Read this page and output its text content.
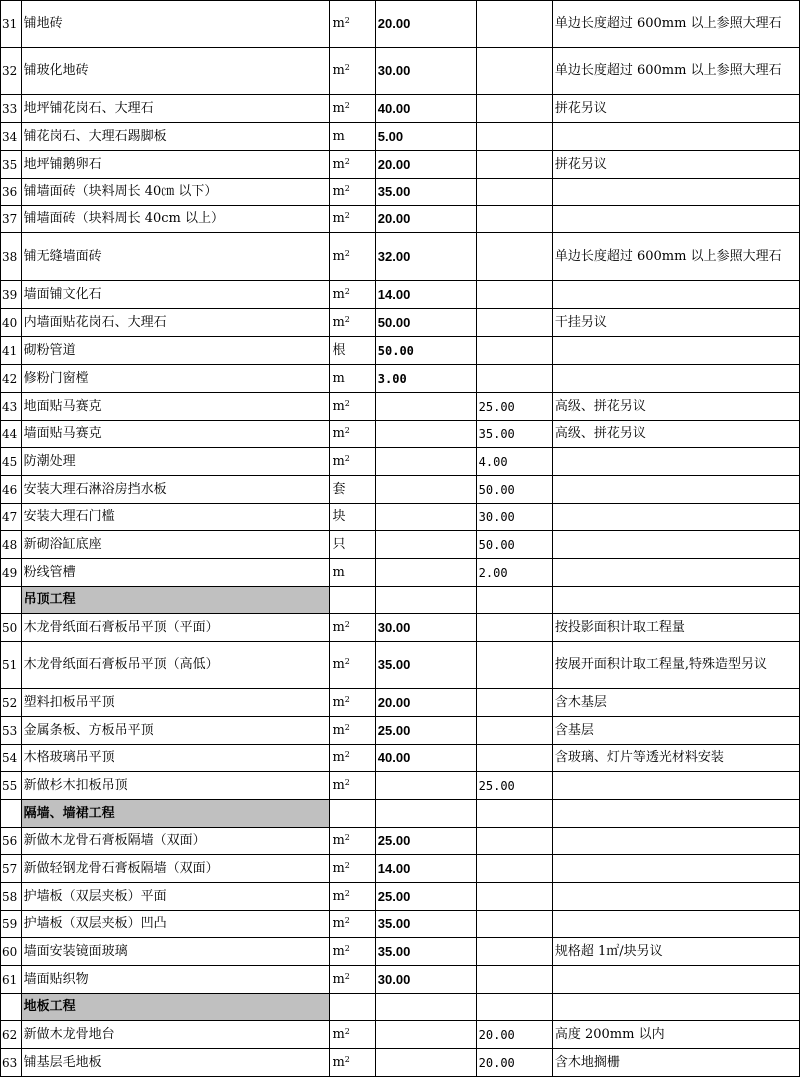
31	铺地砖	$m^2$	20.00		单边长度超过 600mm 以上参照大理石
32	铺玻化地砖	$m^2$	30.00		单边长度超过 600mm 以上参照大理石
33	地坪铺花岗石、大理石	$m^2$	40.00		拼花另议
34	铺花岗石、大理石踢脚板	m	5.00		
35	地坪铺鹅卵石	$m^2$	20.00		拼花另议
36	铺墙面砖（块料周长 40㎝ 以下）	$m^2$	35.00		
37	铺墙面砖（块料周长 40cm 以上）	$m^2$	20.00		
38	铺无缝墙面砖	$m^2$	32.00		单边长度超过 600mm 以上参照大理石
39	墙面铺文化石	$m^2$	14.00		
40	内墙面贴花岗石、大理石	$m^2$	50.00		干挂另议
41	砌粉管道	根	50.00		
42	修粉门窗樘	m	3.00		
43	地面贴马赛克	$m^2$		25.00	高级、拼花另议
44	墙面贴马赛克	$m^2$		35.00	高级、拼花另议
45	防潮处理	$m^2$		4.00	
46	安装大理石淋浴房挡水板	套		50.00	
47	安装大理石门槛	块		30.00	
48	新砌浴缸底座	只		50.00	
49	粉线管槽	m		2.00	
	吊顶工程				
50	木龙骨纸面石膏板吊平顶（平面）	$m^2$	30.00		按投影面积计取工程量
51	木龙骨纸面石膏板吊平顶（高低）	$m^2$	35.00		按展开面积计取工程量,特殊造型另议
52	塑料扣板吊平顶	$m^2$	20.00		含木基层
53	金属条板、方板吊平顶	$m^2$	25.00		含基层
54	木格玻璃吊平顶	$m^2$	40.00		含玻璃、灯片等透光材料安装
55	新做杉木扣板吊顶	$m^2$		25.00	
	隔墙、墙裙工程				
56	新做木龙骨石膏板隔墙（双面）	$m^2$	25.00		
57	新做轻钢龙骨石膏板隔墙（双面）	$m^2$	14.00		
58	护墙板（双层夹板）平面	$m^2$	25.00		
59	护墙板（双层夹板）凹凸	$m^2$	35.00		
60	墙面安装镜面玻璃	$m^2$	35.00		规格超 1㎡/块另议
61	墙面贴织物	$m^2$	30.00		
	地板工程				
62	新做木龙骨地台	$m^2$		20.00	高度 200mm 以内
63	铺基层毛地板	$m^2$		20.00	含木地搁栅
